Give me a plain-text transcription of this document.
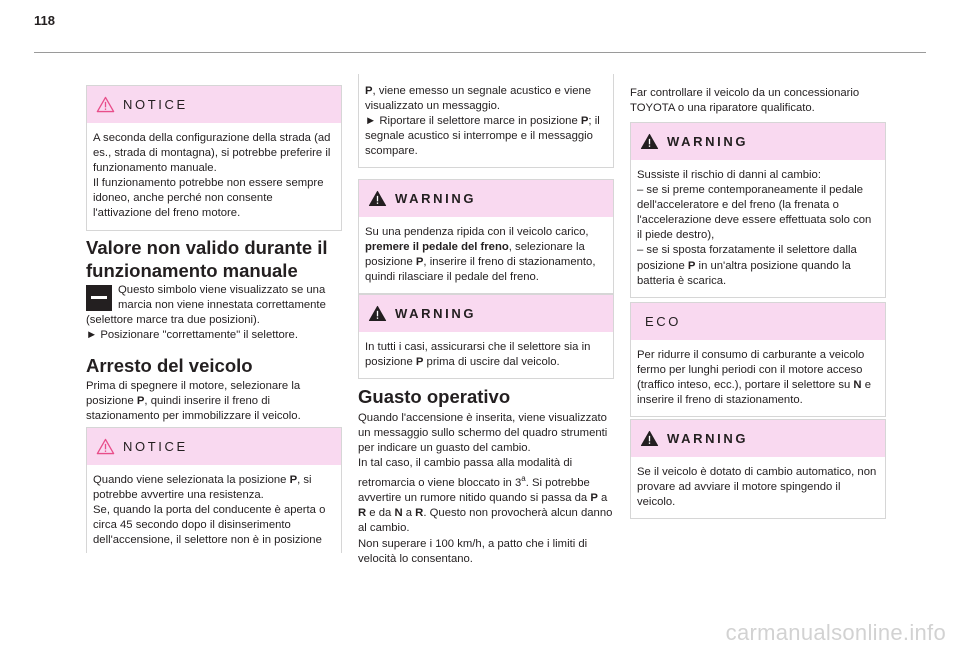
118
NOTICE

A seconda della configurazione della strada (ad es., strada di montagna), si potrebbe preferire il funzionamento manuale.

Il funzionamento potrebbe non essere sempre idoneo, anche perché non consente l'attivazione del freno motore.

Valore non valido durante il funzionamento manuale

Questo simbolo viene visualizzato se una marcia non viene innestata correttamente (selettore marce tra due posizioni).

► Posizionare "correttamente" il selettore.

Arresto del veicolo

Prima di spegnere il motore, selezionare la posizione P, quindi inserire il freno di stazionamento per immobilizzare il veicolo.

NOTICE

Quando viene selezionata la posizione P, si potrebbe avvertire una resistenza.

Se, quando la porta del conducente è aperta o circa 45 secondo dopo il disinserimento dell'accensione, il selettore non è in posizione

P, viene emesso un segnale acustico e viene visualizzato un messaggio.

► Riportare il selettore marce in posizione P; il segnale acustico si interrompe e il messaggio scompare.

WARNING

Su una pendenza ripida con il veicolo carico, premere il pedale del freno, selezionare la posizione P, inserire il freno di stazionamento, quindi rilasciare il pedale del freno.

WARNING

In tutti i casi, assicurarsi che il selettore sia in posizione P prima di uscire dal veicolo.

Guasto operativo

Quando l'accensione è inserita, viene visualizzato un messaggio sullo schermo del quadro strumenti per indicare un guasto del cambio.

In tal caso, il cambio passa alla modalità di retromarcia o viene bloccato in 3$^a$. Si potrebbe avvertire un rumore nitido quando si passa da P a R e da N a R. Questo non provocherà alcun danno al cambio.

Non superare i 100 km/h, a patto che i limiti di velocità lo consentano.

Far controllare il veicolo da un concessionario TOYOTA o una riparatore qualificato.
WARNING

Sussiste il rischio di danni al cambio:

– se si preme contemporaneamente il pedale dell'acceleratore e del freno (la frenata o l'accelerazione deve essere effettuata solo con il piede destro),

– se si sposta forzatamente il selettore dalla posizione P in un'altra posizione quando la batteria è scarica.

ECO

Per ridurre il consumo di carburante a veicolo fermo per lunghi periodi con il motore acceso (traffico inteso, ecc.), portare il selettore su N e inserire il freno di stazionamento.

WARNING

Se il veicolo è dotato di cambio automatico, non provare ad avviare il motore spingendo il veicolo.

carmanualsonline.info
